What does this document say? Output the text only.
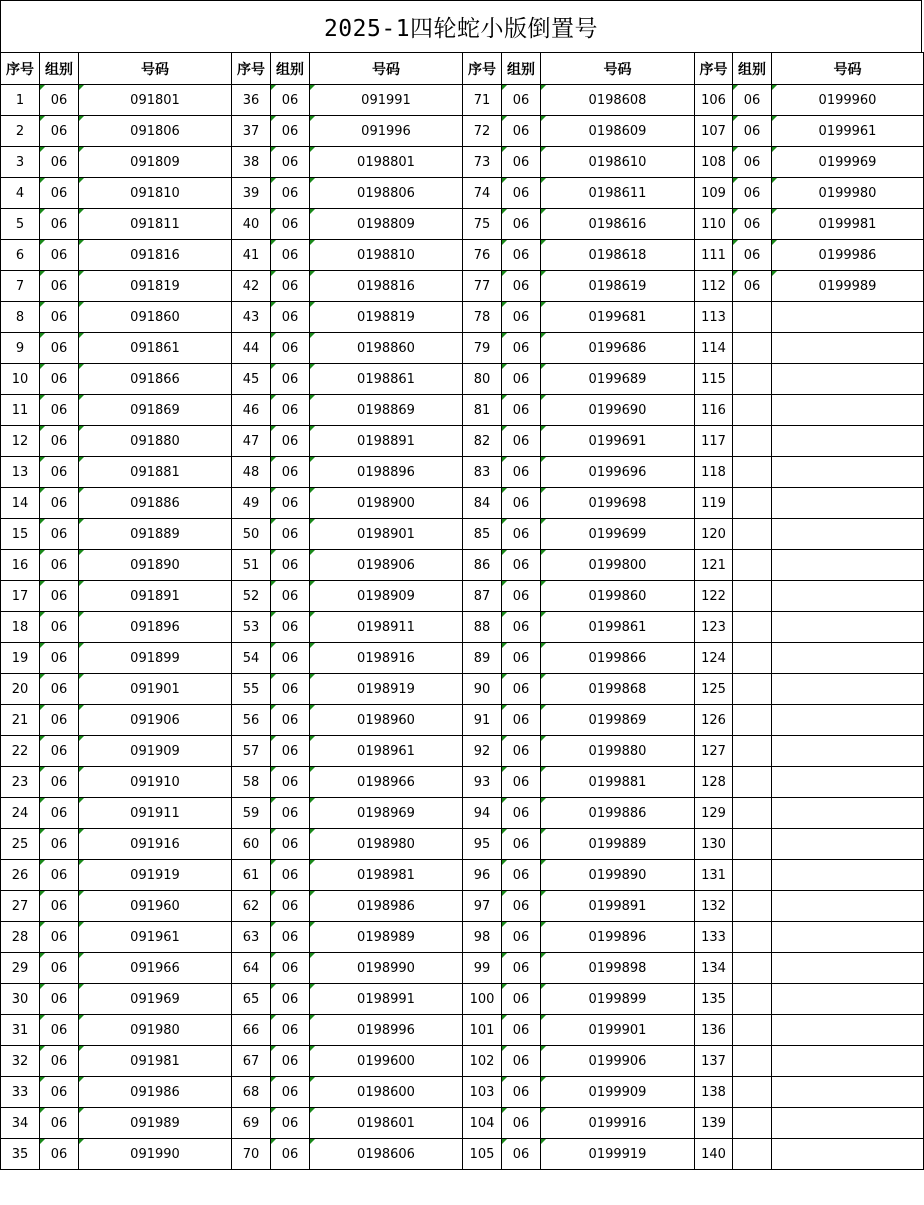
2025-1四轮蛇小版倒置号
序号	组别	号码	序号	组别	号码	序号	组别	号码	序号	组别	号码
1	06	091801	36	06	091991	71	06	0198608	106	06	0199960
2	06	091806	37	06	091996	72	06	0198609	107	06	0199961
3	06	091809	38	06	0198801	73	06	0198610	108	06	0199969
4	06	091810	39	06	0198806	74	06	0198611	109	06	0199980
5	06	091811	40	06	0198809	75	06	0198616	110	06	0199981
6	06	091816	41	06	0198810	76	06	0198618	111	06	0199986
7	06	091819	42	06	0198816	77	06	0198619	112	06	0199989
8	06	091860	43	06	0198819	78	06	0199681	113		
9	06	091861	44	06	0198860	79	06	0199686	114		
10	06	091866	45	06	0198861	80	06	0199689	115		
11	06	091869	46	06	0198869	81	06	0199690	116		
12	06	091880	47	06	0198891	82	06	0199691	117		
13	06	091881	48	06	0198896	83	06	0199696	118		
14	06	091886	49	06	0198900	84	06	0199698	119		
15	06	091889	50	06	0198901	85	06	0199699	120		
16	06	091890	51	06	0198906	86	06	0199800	121		
17	06	091891	52	06	0198909	87	06	0199860	122		
18	06	091896	53	06	0198911	88	06	0199861	123		
19	06	091899	54	06	0198916	89	06	0199866	124		
20	06	091901	55	06	0198919	90	06	0199868	125		
21	06	091906	56	06	0198960	91	06	0199869	126		
22	06	091909	57	06	0198961	92	06	0199880	127		
23	06	091910	58	06	0198966	93	06	0199881	128		
24	06	091911	59	06	0198969	94	06	0199886	129		
25	06	091916	60	06	0198980	95	06	0199889	130		
26	06	091919	61	06	0198981	96	06	0199890	131		
27	06	091960	62	06	0198986	97	06	0199891	132		
28	06	091961	63	06	0198989	98	06	0199896	133		
29	06	091966	64	06	0198990	99	06	0199898	134		
30	06	091969	65	06	0198991	100	06	0199899	135		
31	06	091980	66	06	0198996	101	06	0199901	136		
32	06	091981	67	06	0199600	102	06	0199906	137		
33	06	091986	68	06	0198600	103	06	0199909	138		
34	06	091989	69	06	0198601	104	06	0199916	139		
35	06	091990	70	06	0198606	105	06	0199919	140		
